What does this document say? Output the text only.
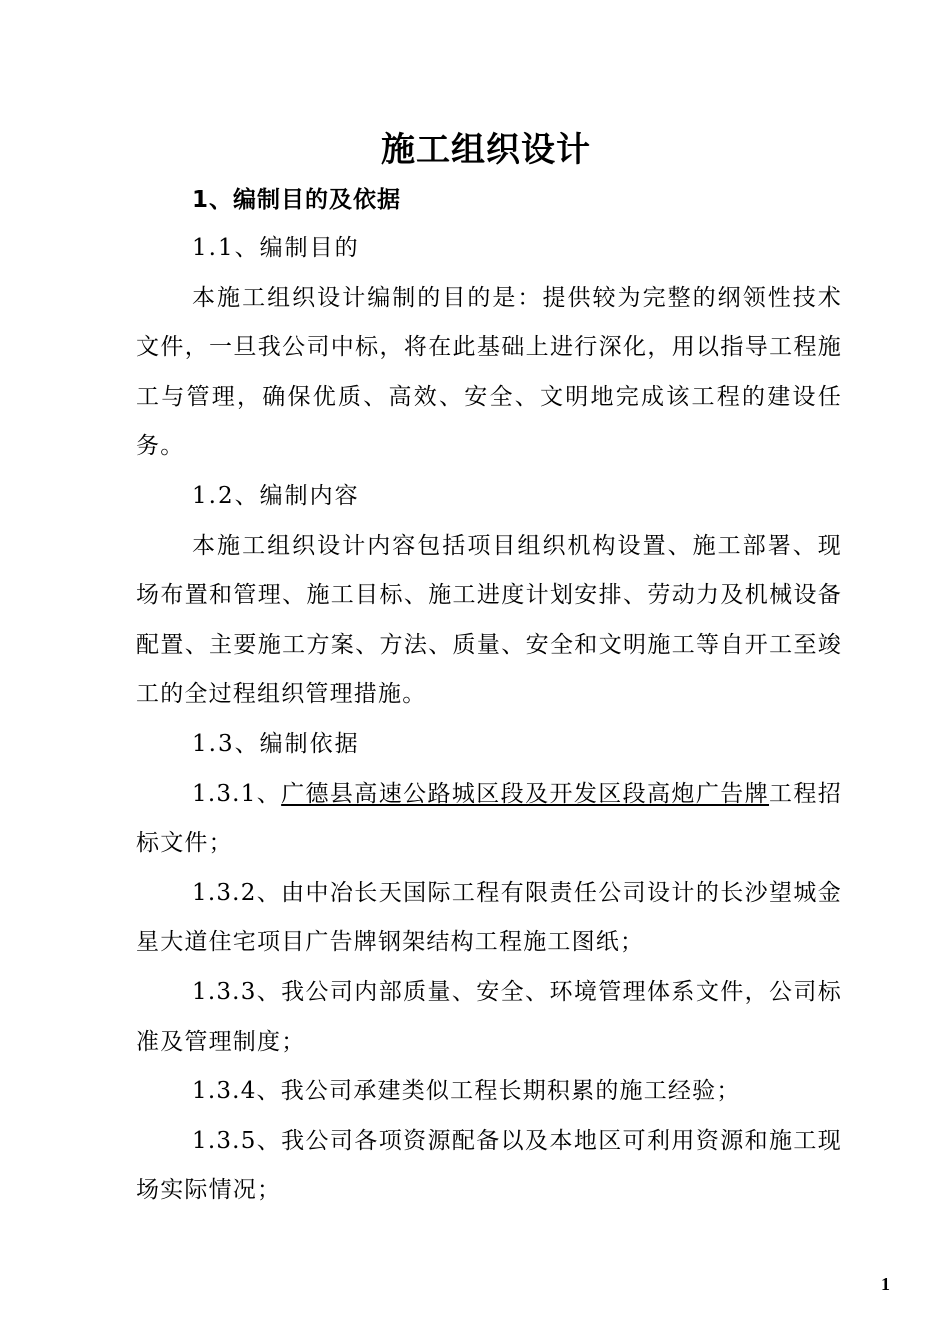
施工组织设计
1、编制目的及依据

1.1、编制目的

本施工组织设计编制的目的是：提供较为完整的纲领性技术文件，一旦我公司中标，将在此基础上进行深化，用以指导工程施工与管理，确保优质、高效、安全、文明地完成该工程的建设任务。

1.2、编制内容

本施工组织设计内容包括项目组织机构设置、施工部署、现场布置和管理、施工目标、施工进度计划安排、劳动力及机械设备配置、主要施工方案、方法、质量、安全和文明施工等自开工至竣工的全过程组织管理措施。

1.3、编制依据

1.3.1、广德县高速公路城区段及开发区段高炮广告牌工程招标文件；

1.3.2、由中冶长天国际工程有限责任公司设计的长沙望城金星大道住宅项目广告牌钢架结构工程施工图纸；

1.3.3、我公司内部质量、安全、环境管理体系文件，公司标准及管理制度；

1.3.4、我公司承建类似工程长期积累的施工经验；

1.3.5、我公司各项资源配备以及本地区可利用资源和施工现场实际情况；

1
